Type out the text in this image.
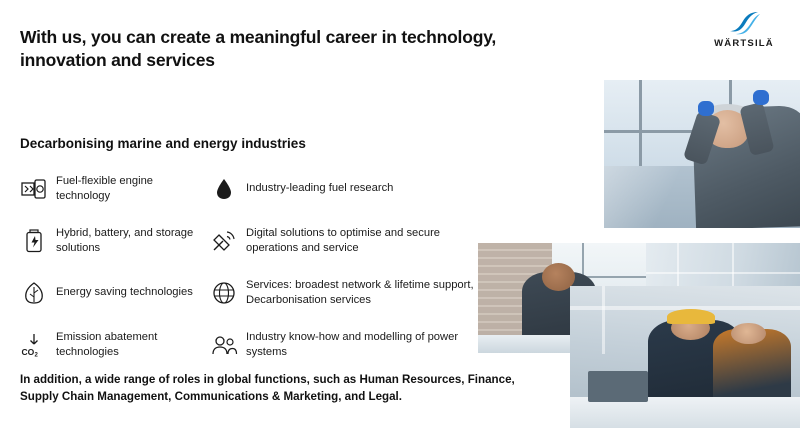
With us, you can create a meaningful career in technology, innovation and services
WÄRTSILÄ
Decarbonising marine and energy industries
Fuel-flexible engine technology
Hybrid, battery, and storage solutions
Energy saving technologies
CO 2
Emission abatement technologies
Industry-leading fuel research
Digital solutions to optimise and secure operations and service
Services: broadest network & lifetime support, Decarbonisation services
Industry know-how and modelling of power systems
In addition, a wide range of roles in global functions, such as Human Resources, Finance, Supply Chain Management, Communications & Marketing, and Legal.
